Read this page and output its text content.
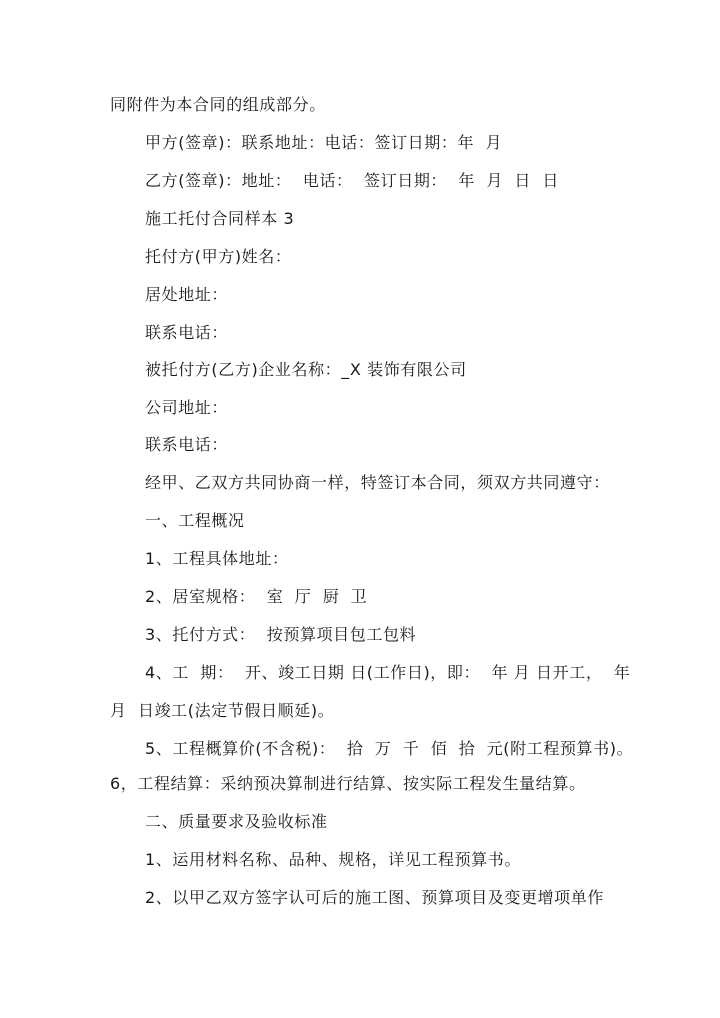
同附件为本合同的组成部分。
甲方(签章)：联系地址：电话：签订日期：年  月
乙方(签章)：地址：  电话：  签订日期：  年  月  日  日
施工托付合同样本 3
托付方(甲方)姓名：
居处地址：
联系电话：
被托付方(乙方)企业名称：_X 装饰有限公司
公司地址：
联系电话：
经甲、乙双方共同协商一样，特签订本合同，须双方共同遵守：
一、工程概况
1、工程具体地址：
2、居室规格：  室  厅  厨  卫
3、托付方式：  按预算项目包工包料
4、工  期：  开、竣工日期 日(工作日)，即：  年 月 日开工，  年
月  日竣工(法定节假日顺延)。
5、工程概算价(不含税)：  拾  万  千  佰  拾  元(附工程预算书)。
6，工程结算：采纳预决算制进行结算、按实际工程发生量结算。
二、质量要求及验收标准
1、运用材料名称、品种、规格，详见工程预算书。
2、以甲乙双方签字认可后的施工图、预算项目及变更增项单作
